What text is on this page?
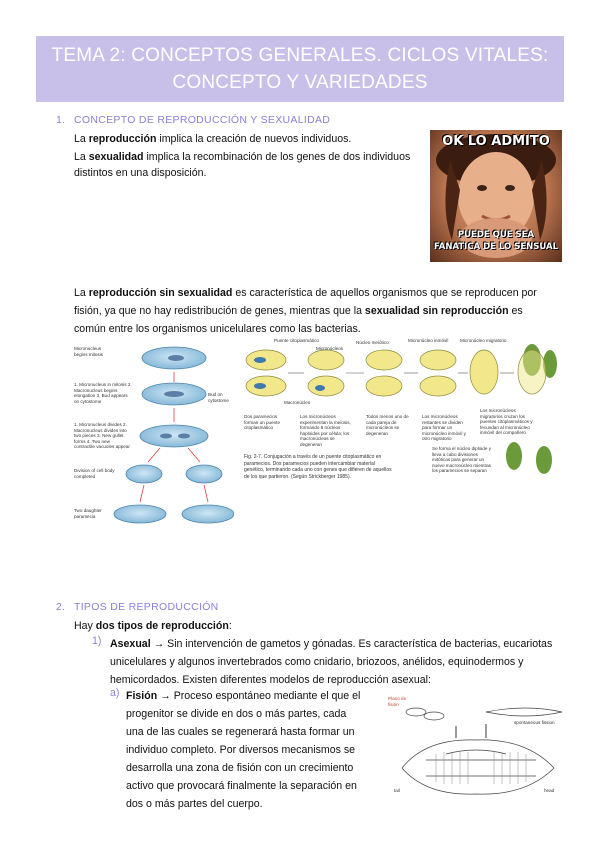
TEMA 2: CONCEPTOS GENERALES. CICLOS VITALES:
CONCEPTO Y VARIEDADES
1. CONCEPTO DE REPRODUCCIÓN Y SEXUALIDAD
La reproducción implica la creación de nuevos individuos.
La sexualidad implica la recombinación de los genes de dos individuos
distintos en una disposición.
OK LO ADMITO
PUEDE QUE SEA
FANATICA DE LO SENSUAL
La reproducción sin sexualidad es característica de aquellos organismos que se reproducen por
fisión, ya que no hay redistribución de genes, mientras que la sexualidad sin reproducción es
común entre los organismos unicelulares como las bacterias.
Micronucleus begins mitosis
Bud on cytostome
1. Micronucleus in mitosis 2. Macronucleus begins elongation 3. Bud appears on cytostome
1. Micronucleus divides 2. Macronucleus divides into two pieces 3. New gullet forms 4. Two new contractile vacuoles appear
Division of cell body completed
Two daughter paramecia
Puente citoplasmático
Micronúcleos
Macronúcleo
Núcleo meiótico	Micronúcleo inmóvil	Micronúcleo migratorio
Dos paramecios forman un puente citoplasmático
Los micronúcleos experimentan la meiosis, formando 8 núcleos haploides por célula; los macronúcleos se degeneran
Todos menos uno de cada pareja de micronúcleos se degeneran
Los micronúcleos restantes se dividen para formar un micronúcleo inmóvil y otro migratorio
Los micronúcleos migratorios cruzan los puentes citoplasmáticos y fecundan al micronúcleo inmóvil del compañero
Se forma el núcleo diploide y lleva a cabo divisiones mitóticas para generar un nuevo macronúcleo mientras los paramecios se separan
Fig. 2-7. Conjugación a través de un puente citoplasmático en paramecios. Dos paramecios pueden intercambiar material genético, terminando cada uno con genes que difieren de aquellos de los que partieron. (Según Strickberger 1985).
2. TIPOS DE REPRODUCCIÓN
Hay dos tipos de reproducción:
1) Asexual → Sin intervención de gametos y gónadas. Es característica de bacterias, eucariotas
unicelulares y algunos invertebrados como cnidario, briozoos, anélidos, equinodermos y
hemicordados. Existen diferentes modelos de reproducción asexual:
a) Fisión → Proceso espontáneo mediante el que el
progenitor se divide en dos o más partes, cada
una de las cuales se regenerará hasta formar un
individuo completo. Por diversos mecanismos se
desarrolla una zona de fisión con un crecimiento
activo que provocará finalmente la separación en
dos o más partes del cuerpo.
Plano de fisión
spontaneous fission
tail	head
